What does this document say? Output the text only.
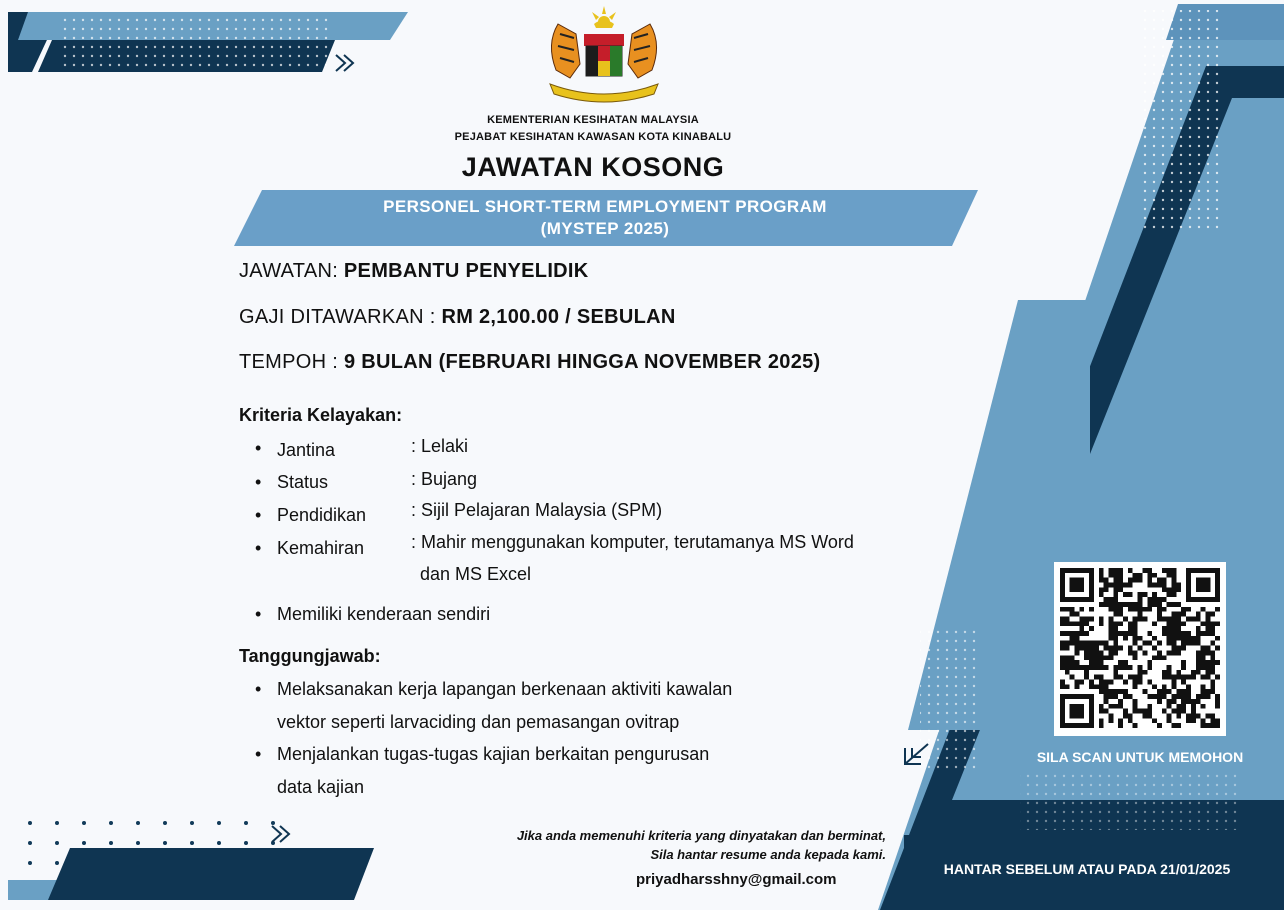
KEMENTERIAN KESIHATAN MALAYSIA
PEJABAT KESIHATAN KAWASAN KOTA KINABALU
JAWATAN KOSONG
PERSONEL SHORT-TERM EMPLOYMENT PROGRAM
(MYSTEP 2025)
JAWATAN: PEMBANTU PENYELIDIK
GAJI DITAWARKAN : RM 2,100.00 / SEBULAN
TEMPOH : 9 BULAN (FEBRUARI HINGGA NOVEMBER 2025)
Kriteria Kelayakan:
Jantina	: Lelaki
Status	: Bujang
Pendidikan : Sijil Pelajaran Malaysia (SPM)
Kemahiran	: Mahir menggunakan komputer, terutamanya MS Word
dan MS Excel
Memiliki kenderaan sendiri
Tanggungjawab:
Melaksanakan kerja lapangan berkenaan aktiviti kawalan
vektor seperti larvaciding dan pemasangan ovitrap
Menjalankan tugas-tugas kajian berkaitan pengurusan
data kajian
Jika anda memenuhi kriteria yang dinyatakan dan berminat,
Sila hantar resume anda kepada kami.
priyadharsshny@gmail.com
SILA SCAN UNTUK MEMOHON
HANTAR SEBELUM ATAU PADA 21/01/2025
